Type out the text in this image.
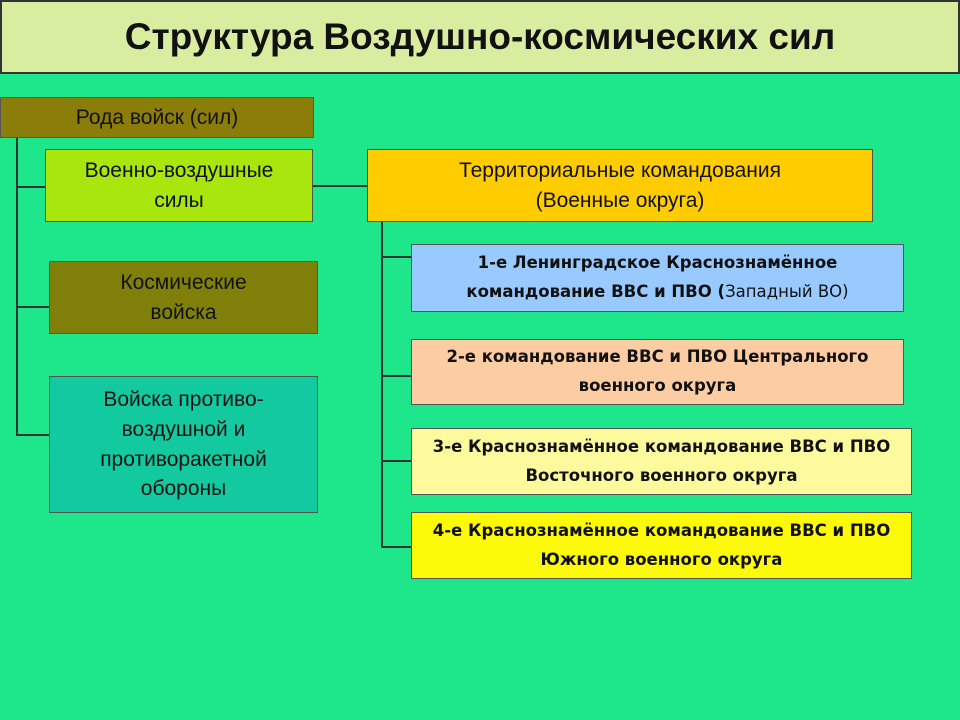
Структура Воздушно-космических сил
Рода войск (сил)
Военно-воздушные силы
Космические войска
Войска противо-воздушной и противоракетной обороны
Территориальные командования
(Военные округа)
1-е Ленинградское Краснознамённое командование ВВС и ПВО (Западный ВО)
2-е командование ВВС и ПВО Центрального военного округа
3-е Краснознамённое командование ВВС и ПВО Восточного военного округа
4-е Краснознамённое командование ВВС и ПВО Южного военного округа
